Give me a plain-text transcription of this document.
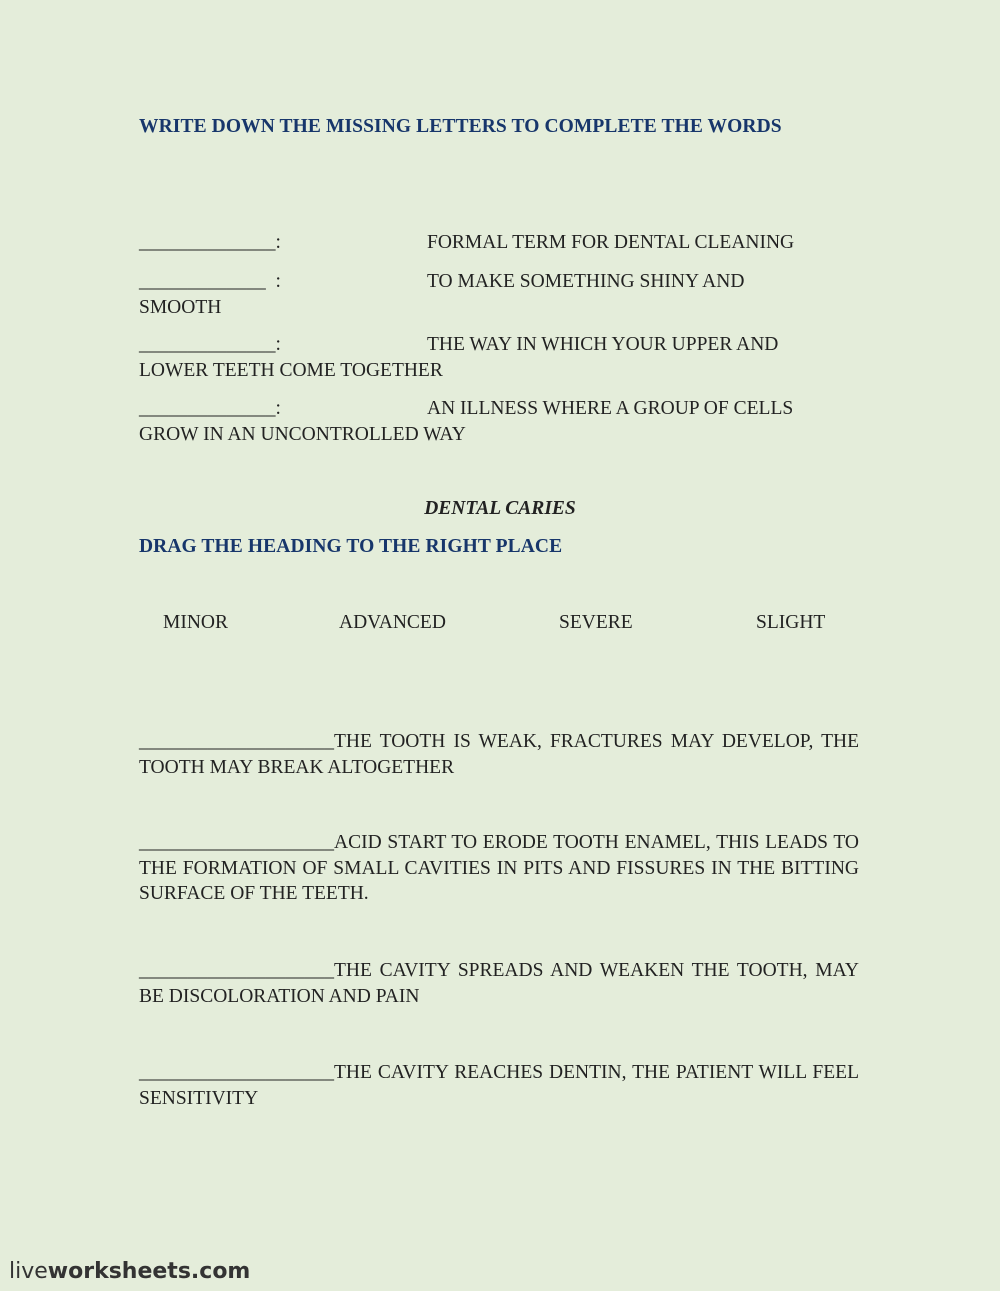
WRITE DOWN THE MISSING LETTERS TO COMPLETE THE WORDS
______________:	FORMAL TERM FOR DENTAL CLEANING
_____________  :	TO MAKE SOMETHING SHINY AND
SMOOTH
______________:	THE WAY IN WHICH YOUR UPPER AND
LOWER TEETH COME TOGETHER
______________:	AN ILLNESS WHERE A GROUP OF CELLS
GROW IN AN UNCONTROLLED WAY
DENTAL CARIES
DRAG THE HEADING TO THE RIGHT PLACE
MINOR	ADVANCED	SEVERE	SLIGHT
____________________THE TOOTH IS WEAK, FRACTURES MAY DEVELOP, THE TOOTH MAY BREAK ALTOGETHER
____________________ACID START TO ERODE TOOTH ENAMEL, THIS LEADS TO THE FORMATION OF SMALL CAVITIES IN PITS AND FISSURES IN THE BITTING SURFACE OF THE TEETH.
____________________THE CAVITY SPREADS AND WEAKEN THE TOOTH, MAY BE DISCOLORATION AND PAIN
____________________THE CAVITY REACHES DENTIN, THE PATIENT WILL FEEL SENSITIVITY
liveworksheets.com
